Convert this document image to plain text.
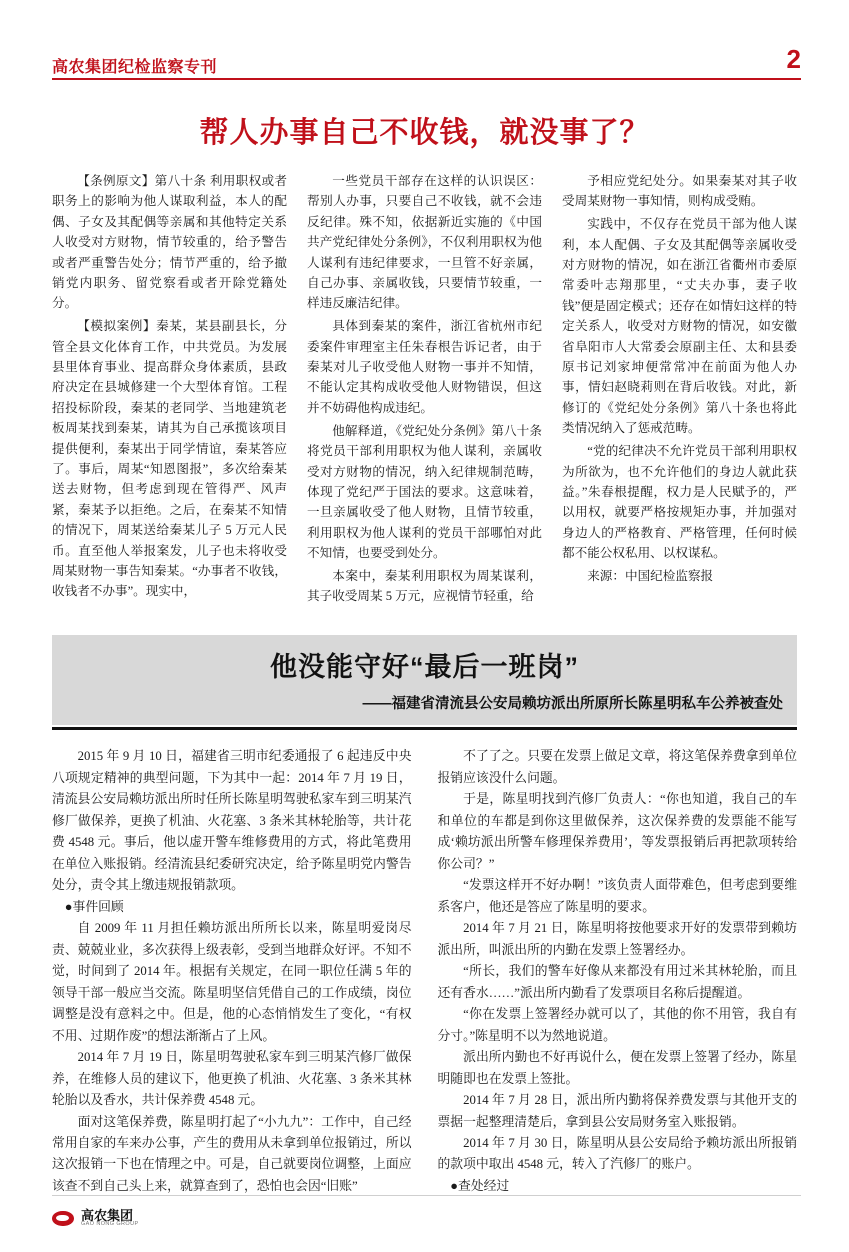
高农集团纪检监察专刊	2
帮人办事自己不收钱，就没事了？

【条例原文】第八十条 利用职权或者职务上的影响为他人谋取利益，本人的配偶、子女及其配偶等亲属和其他特定关系人收受对方财物，情节较重的，给予警告或者严重警告处分；情节严重的，给予撤销党内职务、留党察看或者开除党籍处分。

【模拟案例】秦某，某县副县长，分管全县文化体育工作，中共党员。为发展县里体育事业、提高群众身体素质，县政府决定在县城修建一个大型体育馆。工程招投标阶段，秦某的老同学、当地建筑老板周某找到秦某，请其为自己承揽该项目提供便利，秦某出于同学情谊，秦某答应了。事后，周某“知恩图报”，多次给秦某送去财物，但考虑到现在管得严、风声紧，秦某予以拒绝。之后，在秦某不知情的情况下，周某送给秦某儿子 5 万元人民币。直至他人举报案发，儿子也未将收受周某财物一事告知秦某。“办事者不收钱，收钱者不办事”。现实中，

一些党员干部存在这样的认识误区：帮别人办事，只要自己不收钱，就不会违反纪律。殊不知，依据新近实施的《中国共产党纪律处分条例》，不仅利用职权为他人谋利有违纪律要求，一旦管不好亲属，自己办事、亲属收钱，只要情节较重，一样违反廉洁纪律。

具体到秦某的案件，浙江省杭州市纪委案件审理室主任朱春根告诉记者，由于秦某对儿子收受他人财物一事并不知情，不能认定其构成收受他人财物错误，但这并不妨碍他构成违纪。

他解释道，《党纪处分条例》第八十条将党员干部利用职权为他人谋利，亲属收受对方财物的情况，纳入纪律规制范畴，体现了党纪严于国法的要求。这意味着，一旦亲属收受了他人财物，且情节较重，利用职权为他人谋利的党员干部哪怕对此不知情，也要受到处分。

本案中，秦某利用职权为周某谋利，其子收受周某 5 万元，应视情节轻重，给

予相应党纪处分。如果秦某对其子收受周某财物一事知情，则构成受贿。

实践中，不仅存在党员干部为他人谋利，本人配偶、子女及其配偶等亲属收受对方财物的情况，如在浙江省衢州市委原常委叶志翔那里，“丈夫办事，妻子收钱”便是固定模式；还存在如情妇这样的特定关系人，收受对方财物的情况，如安徽省阜阳市人大常委会原副主任、太和县委原书记刘家坤便常常冲在前面为他人办事，情妇赵晓莉则在背后收钱。对此，新修订的《党纪处分条例》第八十条也将此类情况纳入了惩戒范畴。

“党的纪律决不允许党员干部利用职权为所欲为，也不允许他们的身边人就此获益。”朱春根提醒，权力是人民赋予的，严以用权，就要严格按规矩办事，并加强对身边人的严格教育、严格管理，任何时候都不能公权私用、以权谋私。

来源：中国纪检监察报

他没能守好“最后一班岗”
——福建省清流县公安局赖坊派出所原所长陈星明私车公养被查处

2015 年 9 月 10 日，福建省三明市纪委通报了 6 起违反中央八项规定精神的典型问题，下为其中一起：2014 年 7 月 19 日，清流县公安局赖坊派出所时任所长陈星明驾驶私家车到三明某汽修厂做保养，更换了机油、火花塞、3 条米其林轮胎等，共计花费 4548 元。事后，他以虚开警车维修费用的方式，将此笔费用在单位入账报销。经清流县纪委研究决定，给予陈星明党内警告处分，责令其上缴违规报销款项。

●事件回顾

自 2009 年 11 月担任赖坊派出所所长以来，陈星明爱岗尽责、兢兢业业，多次获得上级表彰，受到当地群众好评。不知不觉，时间到了 2014 年。根据有关规定，在同一职位任满 5 年的领导干部一般应当交流。陈星明坚信凭借自己的工作成绩，岗位调整是没有意料之中。但是，他的心态悄悄发生了变化，“有权不用、过期作废”的想法渐渐占了上风。

2014 年 7 月 19 日，陈星明驾驶私家车到三明某汽修厂做保养，在维修人员的建议下，他更换了机油、火花塞、3 条米其林轮胎以及香水，共计保养费 4548 元。

面对这笔保养费，陈星明打起了“小九九”：工作中，自己经常用自家的车来办公事，产生的费用从未拿到单位报销过，所以这次报销一下也在情理之中。可是，自己就要岗位调整，上面应该查不到自己头上来，就算查到了，恐怕也会因“旧账”

不了了之。只要在发票上做足文章，将这笔保养费拿到单位报销应该没什么问题。

于是，陈星明找到汽修厂负责人：“你也知道，我自己的车和单位的车都是到你这里做保养，这次保养费的发票能不能写成‘赖坊派出所警车修理保养费用’，等发票报销后再把款项转给你公司？”

“发票这样开不好办啊！”该负责人面带难色，但考虑到要维系客户，他还是答应了陈星明的要求。

2014 年 7 月 21 日，陈星明将按他要求开好的发票带到赖坊派出所，叫派出所的内勤在发票上签署经办。

“所长，我们的警车好像从来都没有用过米其林轮胎，而且还有香水……”派出所内勤看了发票项目名称后提醒道。

“你在发票上签署经办就可以了，其他的你不用管，我自有分寸。”陈星明不以为然地说道。

派出所内勤也不好再说什么，便在发票上签署了经办，陈星明随即也在发票上签批。

2014 年 7 月 28 日，派出所内勤将保养费发票与其他开支的票据一起整理清楚后，拿到县公安局财务室入账报销。

2014 年 7 月 30 日，陈星明从县公安局给予赖坊派出所报销的款项中取出 4548 元，转入了汽修厂的账户。

●查处经过

高农集团
GAO NONG GROUP
